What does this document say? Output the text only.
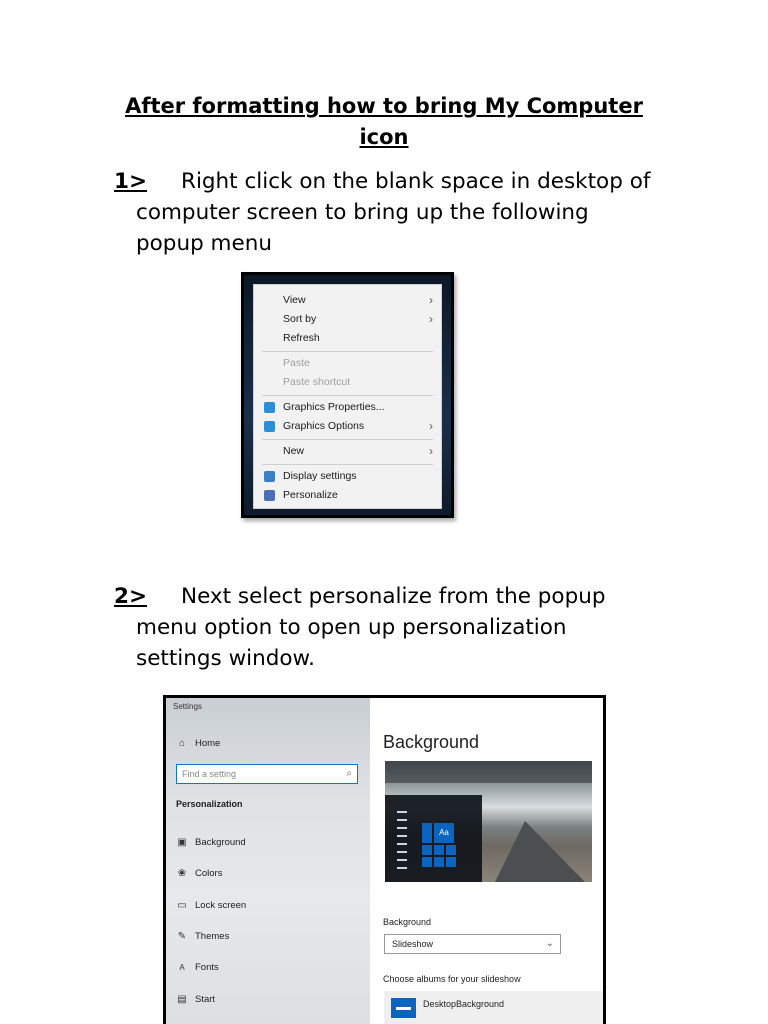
After formatting how to bring My Computer
icon
1> Right click on the blank space in desktop of
computer screen to bring up the following
popup menu
View	›
Sort by	›
Refresh
Paste
Paste shortcut
Graphics Properties...
Graphics Options	›
New	›
Display settings
Personalize
2> Next select personalize from the popup
menu option to open up personalization
settings window.
Settings
⌂ Home
Find a setting	⌕
Personalization
▣ Background
❀ Colors
▭ Lock screen
✎ Themes
A Fonts
▤ Start
Background
Aa
Background
Slideshow	⌄
Choose albums for your slideshow
DesktopBackground
